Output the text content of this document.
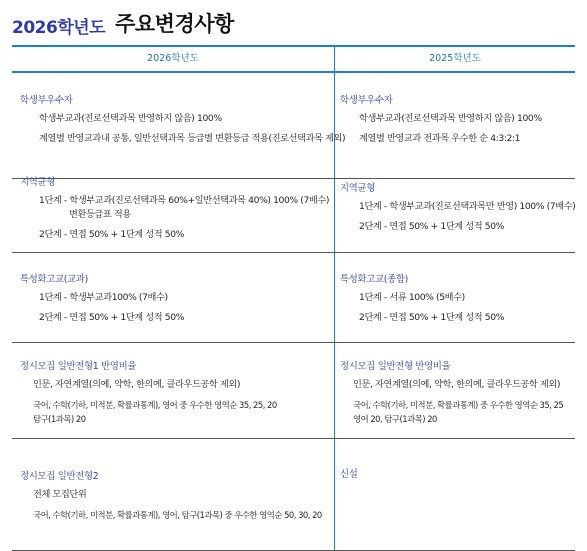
2026학년도 주요변경사항
2026학년도	2025학년도
학생부우수자
학생부교과(진로선택과목 반영하지 않음) 100%
계열별 반영교과내 공통, 일반선택과목 등급별 변환등급 적용(진로선택과목 제외)
학생부우수자
학생부교과(진로선택과목 반영하지 않음) 100%
계열별 반영교과 전과목 우수한 순 4:3:2:1
지역균형
1단계 - 학생부교과(진로선택과목 60%+일반선택과목 40%) 100% (7배수)
변환등급표 적용
2단계 - 면접 50% + 1단계 성적 50%
지역균형
1단계 - 학생부교과(진로선택과목만 반영) 100% (7배수)
2단계 - 면접 50% + 1단계 성적 50%
특성화고교(교과)
1단계 - 학생부교과100% (7배수)
2단계 - 면접 50% + 1단계 성적 50%
특성화고교(종합)
1단계 - 서류 100% (5배수)
2단계 - 면접 50% + 1단계 성적 50%
정시모집 일반전형1 반영비율
인문, 자연계열(의예, 약학, 한의예, 클라우드공학 제외)
국어, 수학(기하, 미적분, 확률과통계), 영어 중 우수한 영역순 35, 25, 20
탐구(1과목) 20
정시모집 일반전형 반영비율
인문, 자연계열(의예, 약학, 한의예, 클라우드공학 제외)
국어, 수학(기하, 미적분, 확률과통계) 중 우수한 영역순 35, 25
영어 20, 탐구(1과목) 20
정시모집 일반전형2
전체 모집단위
국어, 수학(기하, 미적분, 확률과통계), 영어, 탐구(1과목) 중 우수한 영역순 50, 30, 20
신설
